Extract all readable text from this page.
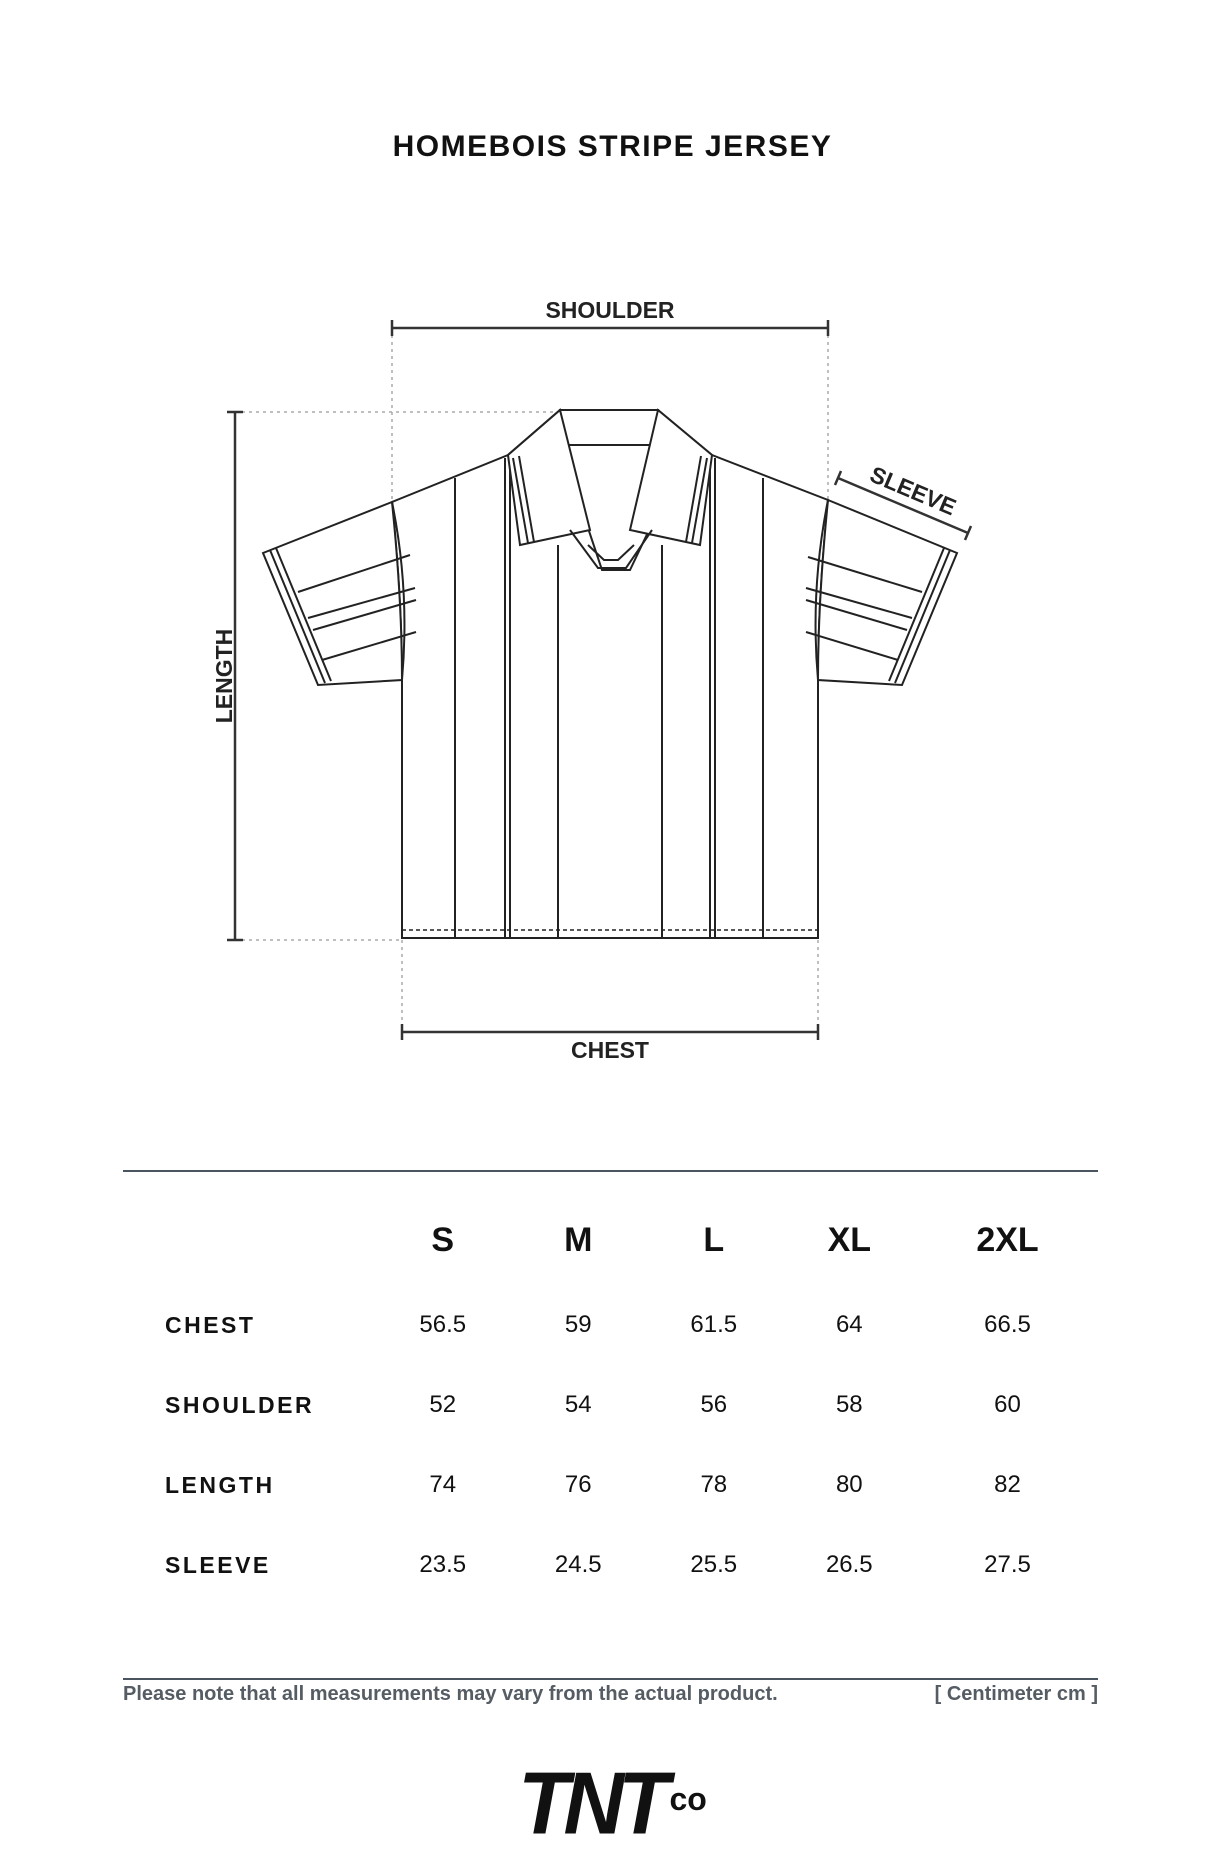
HOMEBOIS STRIPE JERSEY
SHOULDER
CHEST
LENGTH
SLEEVE
	S	M	L	XL	2XL
CHEST	56.5	59	61.5	64	66.5
SHOULDER	52	54	56	58	60
LENGTH	74	76	78	80	82
SLEEVE	23.5	24.5	25.5	26.5	27.5
Please note that all measurements may vary from the actual product.	[ Centimeter cm ]
TNT co
